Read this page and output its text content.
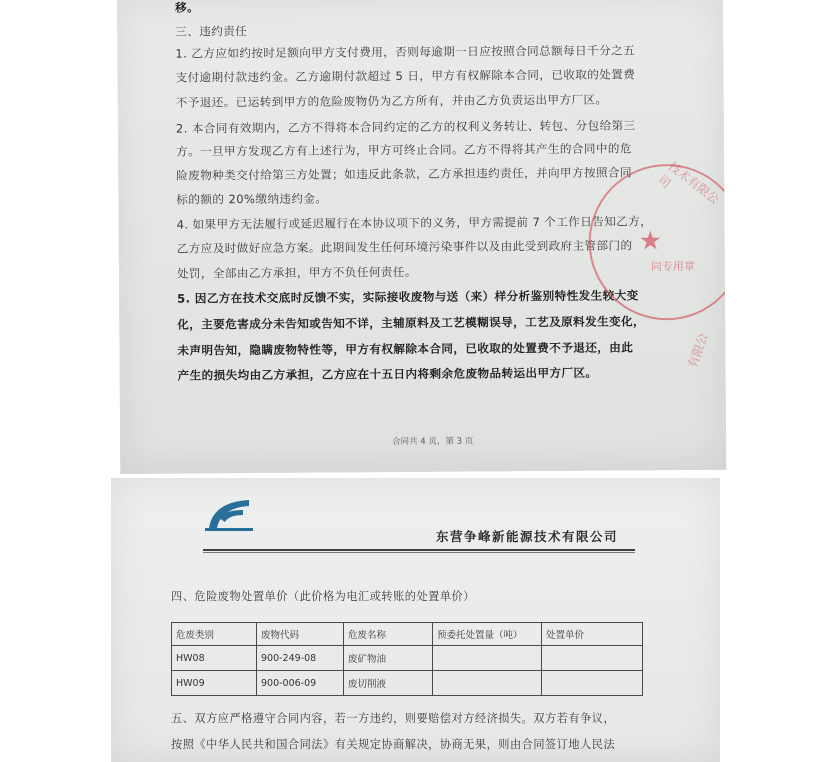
移。
三、违约责任
1. 乙方应如约按时足额向甲方支付费用，否则每逾期一日应按照合同总额每日千分之五
支付逾期付款违约金。乙方逾期付款超过 5 日，甲方有权解除本合同，已收取的处置费
不予退还。已运转到甲方的危险废物仍为乙方所有，并由乙方负责运出甲方厂区。
2. 本合同有效期内，乙方不得将本合同约定的乙方的权利义务转让、转包、分包给第三
方。一旦甲方发现乙方有上述行为，甲方可终止合同。乙方不得将其产生的合同中的危
险废物种类交付给第三方处置；如违反此条款，乙方承担违约责任，并向甲方按照合同
标的额的 20%缴纳违约金。
4. 如果甲方无法履行或延迟履行在本协议项下的义务，甲方需提前 7 个工作日告知乙方，
乙方应及时做好应急方案。此期间发生任何环境污染事件以及由此受到政府主管部门的
处罚，全部由乙方承担，甲方不负任何责任。
5. 因乙方在技术交底时反馈不实，实际接收废物与送（来）样分析鉴别特性发生较大变
化，主要危害成分未告知或告知不详，主辅原料及工艺模糊误导，工艺及原料发生变化，
未声明告知，隐瞒废物特性等，甲方有权解除本合同，已收取的处置费不予退还，由此
产生的损失均由乙方承担，乙方应在十五日内将剩余危废物品转运出甲方厂区。
技术有限公司
★
同专用章
有限公
合同共 4 页，第 3 页
东营争峰新能源技术有限公司
四、危险废物处置单价（此价格为电汇或转账的处置单价）
危废类别	废物代码	危废名称	预委托处置量（吨）	处置单价
HW08	900-249-08	废矿物油		
HW09	900-006-09	废切削液		
五、双方应严格遵守合同内容，若一方违约，则要赔偿对方经济损失。双方若有争议，
按照《中华人民共和国合同法》有关规定协商解决，协商无果，则由合同签订地人民法
